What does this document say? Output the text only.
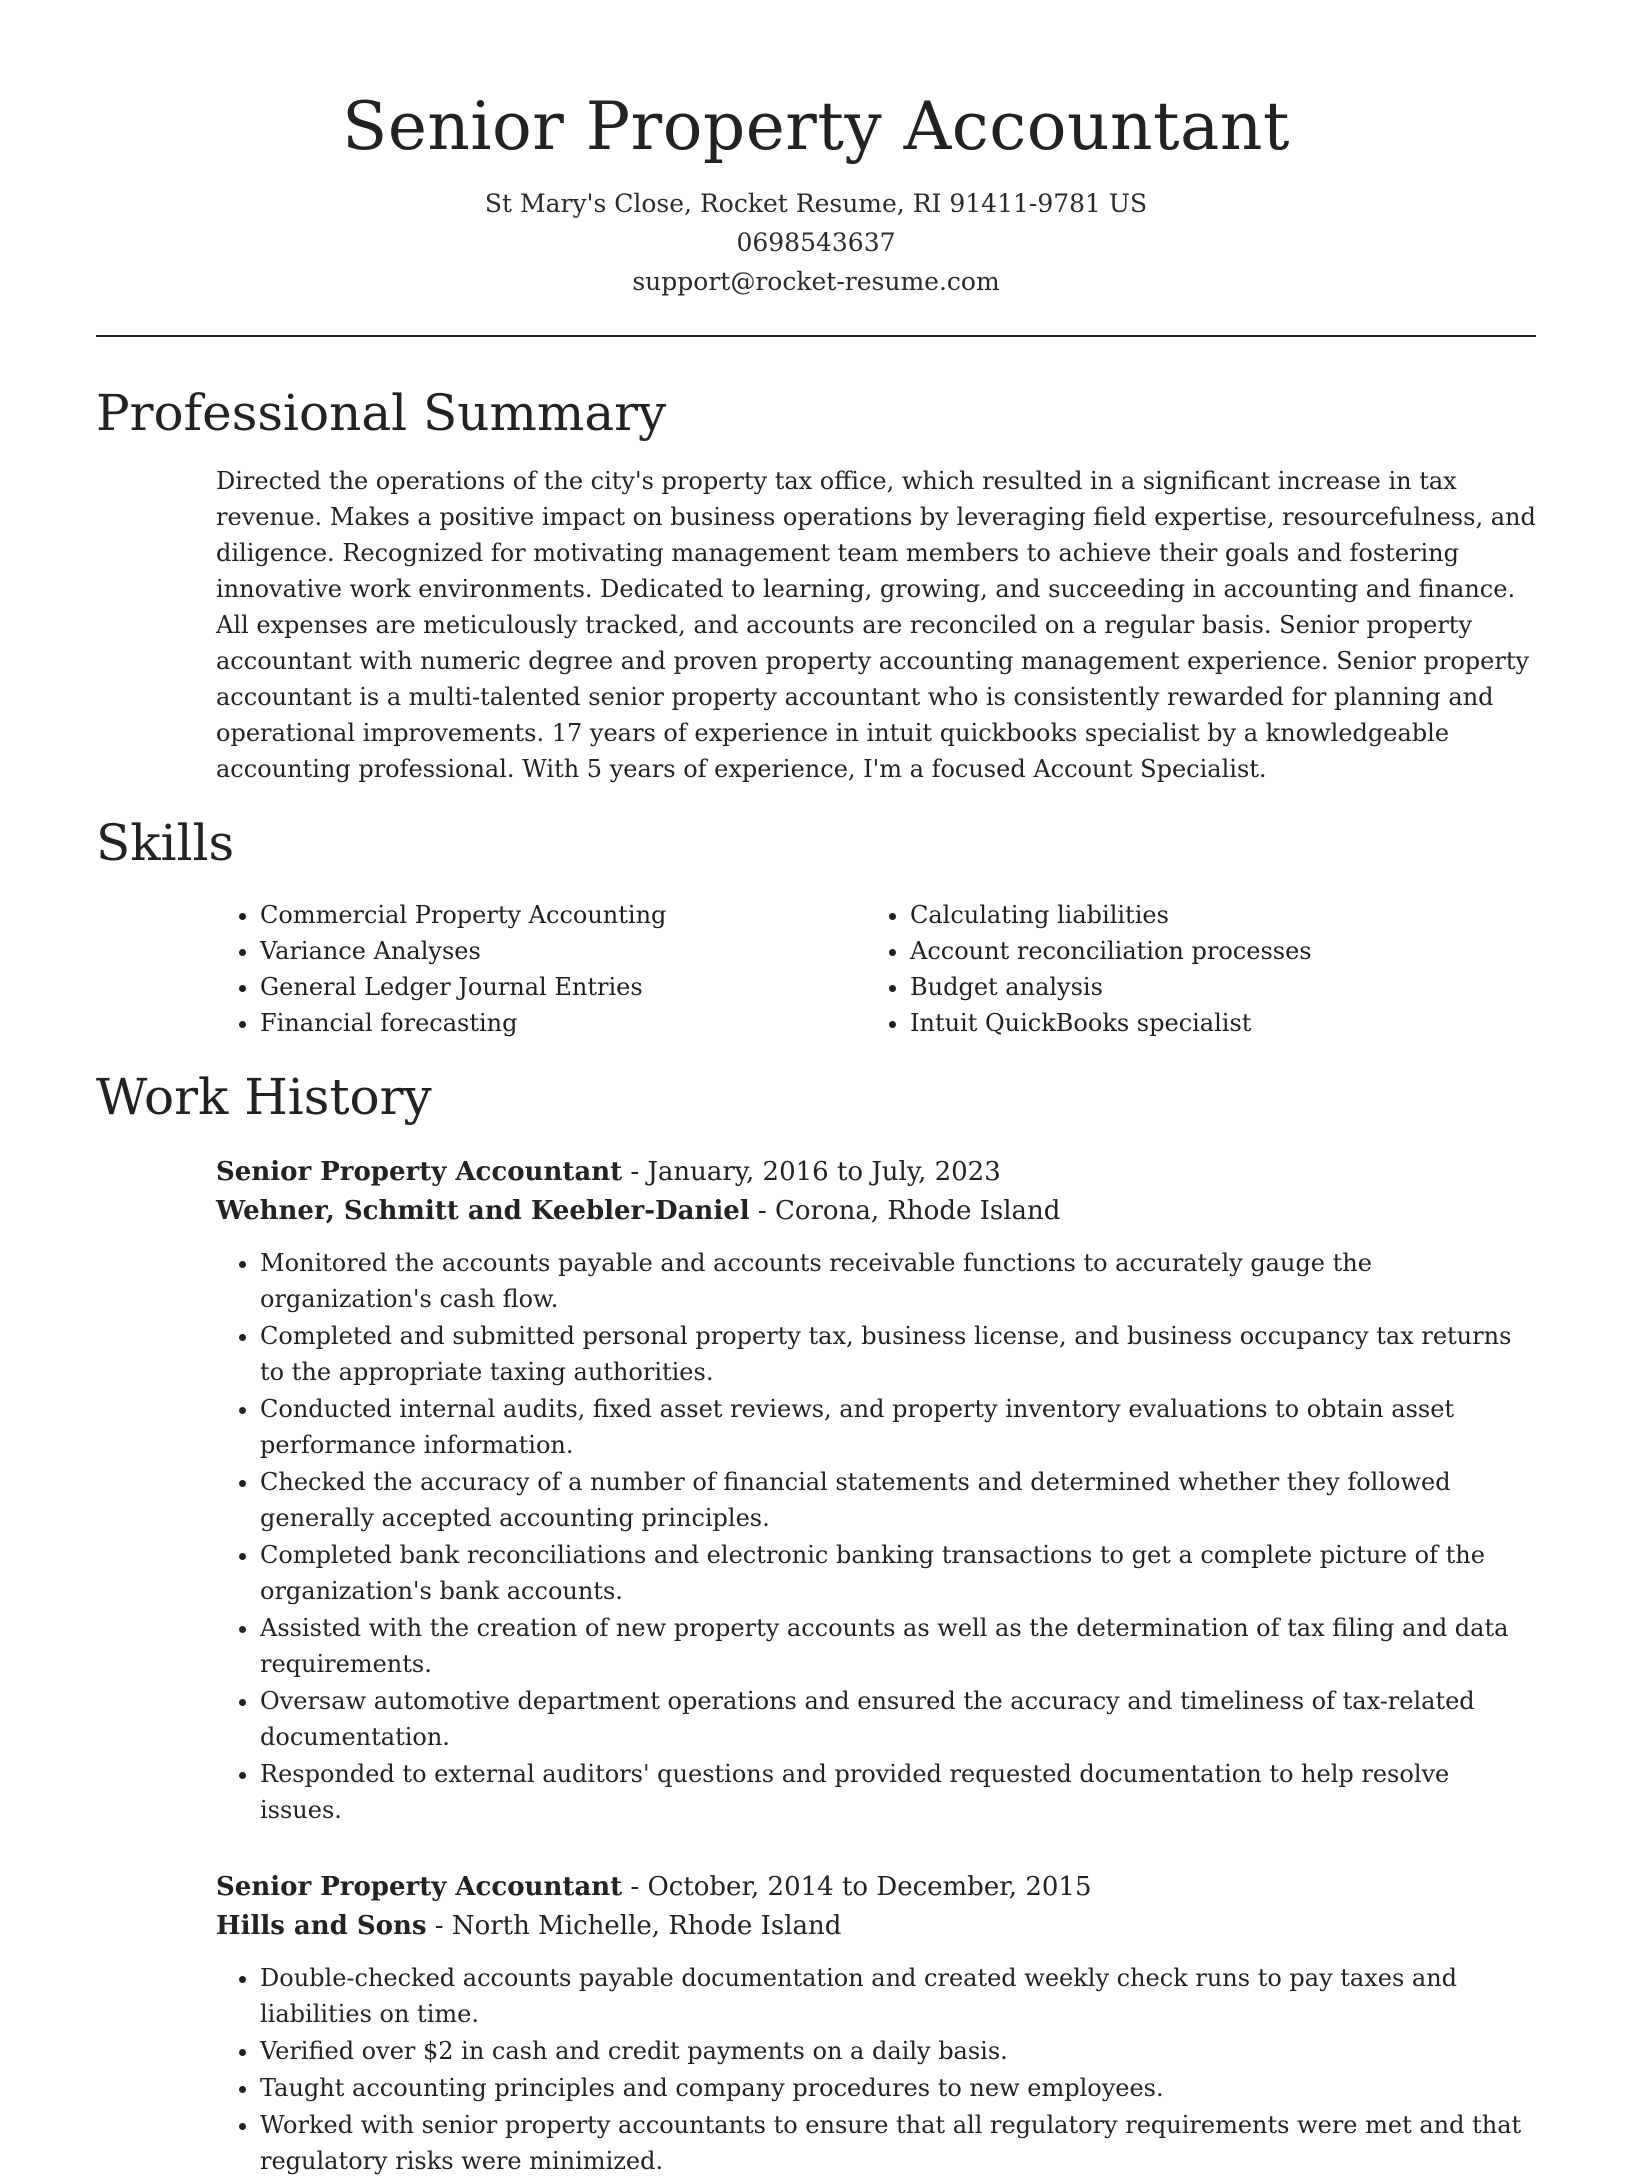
Senior Property Accountant
St Mary's Close, Rocket Resume, RI 91411-9781 US
0698543637
support@rocket-resume.com
Professional Summary
Directed the operations of the city's property tax office, which resulted in a significant increase in tax revenue. Makes a positive impact on business operations by leveraging field expertise, resourcefulness, and diligence. Recognized for motivating management team members to achieve their goals and fostering innovative work environments. Dedicated to learning, growing, and succeeding in accounting and finance. All expenses are meticulously tracked, and accounts are reconciled on a regular basis. Senior property accountant with numeric degree and proven property accounting management experience. Senior property accountant is a multi-talented senior property accountant who is consistently rewarded for planning and operational improvements. 17 years of experience in intuit quickbooks specialist by a knowledgeable accounting professional. With 5 years of experience, I'm a focused Account Specialist.
Skills
• Commercial Property Accounting
• Variance Analyses
• General Ledger Journal Entries
• Financial forecasting
• Calculating liabilities
• Account reconciliation processes
• Budget analysis
• Intuit QuickBooks specialist
Work History
Senior Property Accountant - January, 2016 to July, 2023
Wehner, Schmitt and Keebler-Daniel - Corona, Rhode Island
• Monitored the accounts payable and accounts receivable functions to accurately gauge the organization's cash flow.
• Completed and submitted personal property tax, business license, and business occupancy tax returns to the appropriate taxing authorities.
• Conducted internal audits, fixed asset reviews, and property inventory evaluations to obtain asset performance information.
• Checked the accuracy of a number of financial statements and determined whether they followed generally accepted accounting principles.
• Completed bank reconciliations and electronic banking transactions to get a complete picture of the organization's bank accounts.
• Assisted with the creation of new property accounts as well as the determination of tax filing and data requirements.
• Oversaw automotive department operations and ensured the accuracy and timeliness of tax-related documentation.
• Responded to external auditors' questions and provided requested documentation to help resolve issues.
Senior Property Accountant - October, 2014 to December, 2015
Hills and Sons - North Michelle, Rhode Island
• Double-checked accounts payable documentation and created weekly check runs to pay taxes and liabilities on time.
• Verified over $2 in cash and credit payments on a daily basis.
• Taught accounting principles and company procedures to new employees.
• Worked with senior property accountants to ensure that all regulatory requirements were met and that regulatory risks were minimized.
